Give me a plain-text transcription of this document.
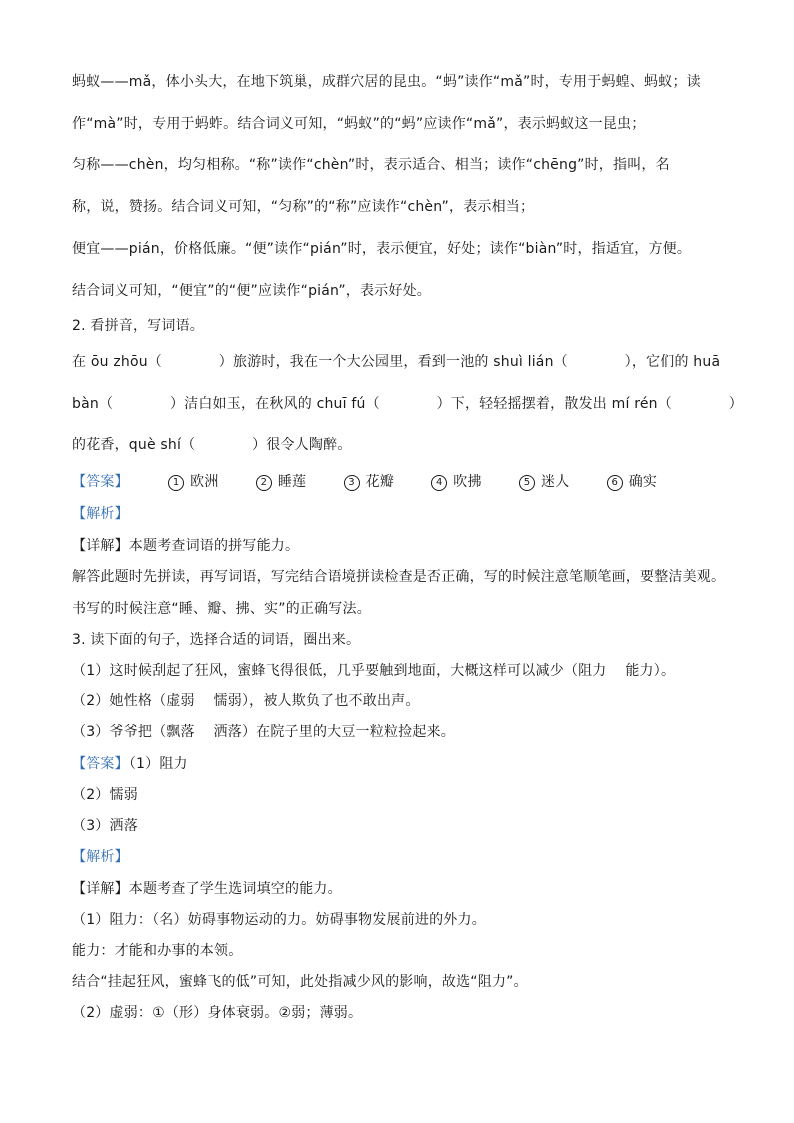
蚂蚁——mǎ，体小头大，在地下筑巢，成群穴居的昆虫。“蚂”读作“mǎ”时，专用于蚂蝗、蚂蚁；读
作“mà”时，专用于蚂蚱。结合词义可知，“蚂蚁”的“蚂”应读作“mǎ”，表示蚂蚁这一昆虫；
匀称——chèn，均匀相称。“称”读作“chèn”时，表示适合、相当；读作“chēng”时，指叫，名
称，说，赞扬。结合词义可知，“匀称”的“称”应读作“chèn”，表示相当；
便宜——pián，价格低廉。“便”读作“pián”时，表示便宜，好处；读作“biàn”时，指适宜，方便。
结合词义可知，“便宜”的“便”应读作“pián”，表示好处。
2. 看拼音，写词语。
在 ōu zhōu（　　　　）旅游时，我在一个大公园里，看到一池的 shuì lián（　　　　），它们的 huā
bàn（　　　　）洁白如玉，在秋风的 chuī fú（　　　　）下，轻轻摇摆着，散发出 mí rén（　　　　）
的花香，què shí（　　　　）很令人陶醉。
【答案】	1 欧洲	2 睡莲	3 花瓣	4 吹拂	5 迷人	6 确实
【解析】
【详解】本题考查词语的拼写能力。
解答此题时先拼读，再写词语，写完结合语境拼读检查是否正确，写的时候注意笔顺笔画，要整洁美观。
书写的时候注意“睡、瓣、拂、实”的正确写法。
3. 读下面的句子，选择合适的词语，圈出来。
（1）这时候刮起了狂风，蜜蜂飞得很低，几乎要触到地面，大概这样可以减少（阻力　 能力）。
（2）她性格（虚弱　 懦弱），被人欺负了也不敢出声。
（3）爷爷把（飘落　 洒落）在院子里的大豆一粒粒捡起来。
【答案】（1）阻力
（2）懦弱
（3）洒落
【解析】
【详解】本题考查了学生选词填空的能力。
（1）阻力：（名）妨碍事物运动的力。妨碍事物发展前进的外力。
能力：才能和办事的本领。
结合“挂起狂风，蜜蜂飞的低”可知，此处指减少风的影响，故选“阻力”。
（2）虚弱：①（形）身体衰弱。②弱；薄弱。
